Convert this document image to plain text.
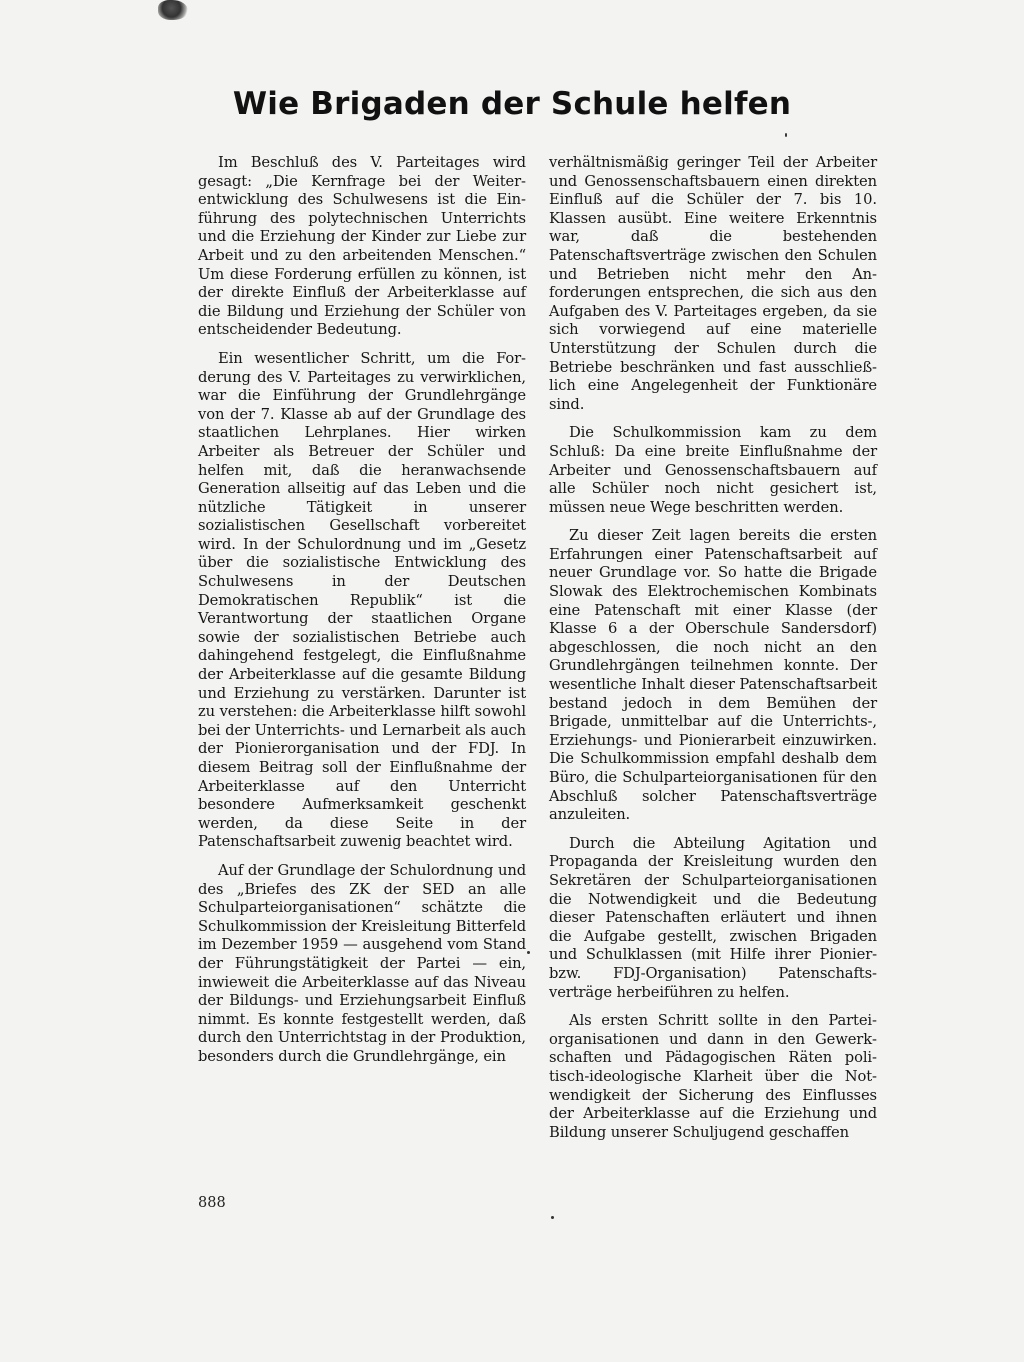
Wie Brigaden der Schule helfen

Im Beschluß des V. Parteitages wird gesagt: „Die Kernfrage bei der Weiterentwicklung des Schulwesens ist die Einführung des polytechnischen Unterrichts und die Erziehung der Kinder zur Liebe zur Arbeit und zu den arbeitenden Menschen.“ Um diese Forderung erfüllen zu können, ist der direkte Einfluß der Arbeiterklasse auf die Bildung und Erziehung der Schüler von entscheidender Bedeutung.

Ein wesentlicher Schritt, um die Forderung des V. Parteitages zu verwirklichen, war die Einführung der Grundlehrgänge von der 7. Klasse ab auf der Grundlage des staatlichen Lehrplanes. Hier wirken Arbeiter als Betreuer der Schüler und helfen mit, daß die heranwachsende Generation allseitig auf das Leben und die nützliche Tätigkeit in unserer sozialistischen Gesellschaft vorbereitet wird. In der Schulordnung und im „Gesetz über die sozialistische Entwicklung des Schulwesens in der Deutschen Demokratischen Republik“ ist die Verantwortung der staatlichen Organe sowie der sozialistischen Betriebe auch dahingehend festgelegt, die Einflußnahme der Arbeiterklasse auf die gesamte Bildung und Erziehung zu verstärken. Darunter ist zu verstehen: die Arbeiterklasse hilft sowohl bei der Unterrichts- und Lernarbeit als auch der Pionierorganisation und der FDJ. In diesem Beitrag soll der Einflußnahme der Arbeiterklasse auf den Unterricht besondere Aufmerksamkeit geschenkt werden, da diese Seite in der Patenschaftsarbeit zuwenig beachtet wird.

Auf der Grundlage der Schulordnung und des „Briefes des ZK der SED an alle Schulparteiorganisationen“ schätzte die Schulkommission der Kreisleitung Bitterfeld im Dezember 1959 — ausgehend vom Stand der Führungstätigkeit der Partei — ein, inwieweit die Arbeiterklasse auf das Niveau der Bildungs- und Erziehungsarbeit Einfluß nimmt. Es konnte festgestellt werden, daß durch den Unterrichtstag in der Produktion, besonders durch die Grundlehrgänge, ein

verhältnismäßig geringer Teil der Arbeiter und Genossenschaftsbauern einen direkten Einfluß auf die Schüler der 7. bis 10. Klassen ausübt. Eine weitere Erkenntnis war, daß die bestehenden Patenschaftsverträge zwischen den Schulen und Betrieben nicht mehr den Anforderungen entsprechen, die sich aus den Aufgaben des V. Parteitages ergeben, da sie sich vorwiegend auf eine materielle Unterstützung der Schulen durch die Betriebe beschränken und fast ausschließlich eine Angelegenheit der Funktionäre sind.

Die Schulkommission kam zu dem Schluß: Da eine breite Einflußnahme der Arbeiter und Genossenschaftsbauern auf alle Schüler noch nicht gesichert ist, müssen neue Wege beschritten werden.

Zu dieser Zeit lagen bereits die ersten Erfahrungen einer Patenschaftsarbeit auf neuer Grundlage vor. So hatte die Brigade Slowak des Elektrochemischen Kombinats eine Patenschaft mit einer Klasse (der Klasse 6 a der Oberschule Sandersdorf) abgeschlossen, die noch nicht an den Grundlehrgängen teilnehmen konnte. Der wesentliche Inhalt dieser Patenschaftsarbeit bestand jedoch in dem Bemühen der Brigade, unmittelbar auf die Unterrichts-, Erziehungs- und Pionierarbeit einzuwirken. Die Schulkommission empfahl deshalb dem Büro, die Schulparteiorganisationen für den Abschluß solcher Patenschaftsverträge anzuleiten.

Durch die Abteilung Agitation und Propaganda der Kreisleitung wurden den Sekretären der Schulparteiorganisationen die Notwendigkeit und die Bedeutung dieser Patenschaften erläutert und ihnen die Aufgabe gestellt, zwischen Brigaden und Schulklassen (mit Hilfe ihrer Pionier- bzw. FDJ-Organisation) Patenschaftsverträge herbeiführen zu helfen.

Als ersten Schritt sollte in den Parteiorganisationen und dann in den Gewerkschaften und Pädagogischen Räten politisch-ideologische Klarheit über die Notwendigkeit der Sicherung des Einflusses der Arbeiterklasse auf die Erziehung und Bildung unserer Schuljugend geschaffen

888
